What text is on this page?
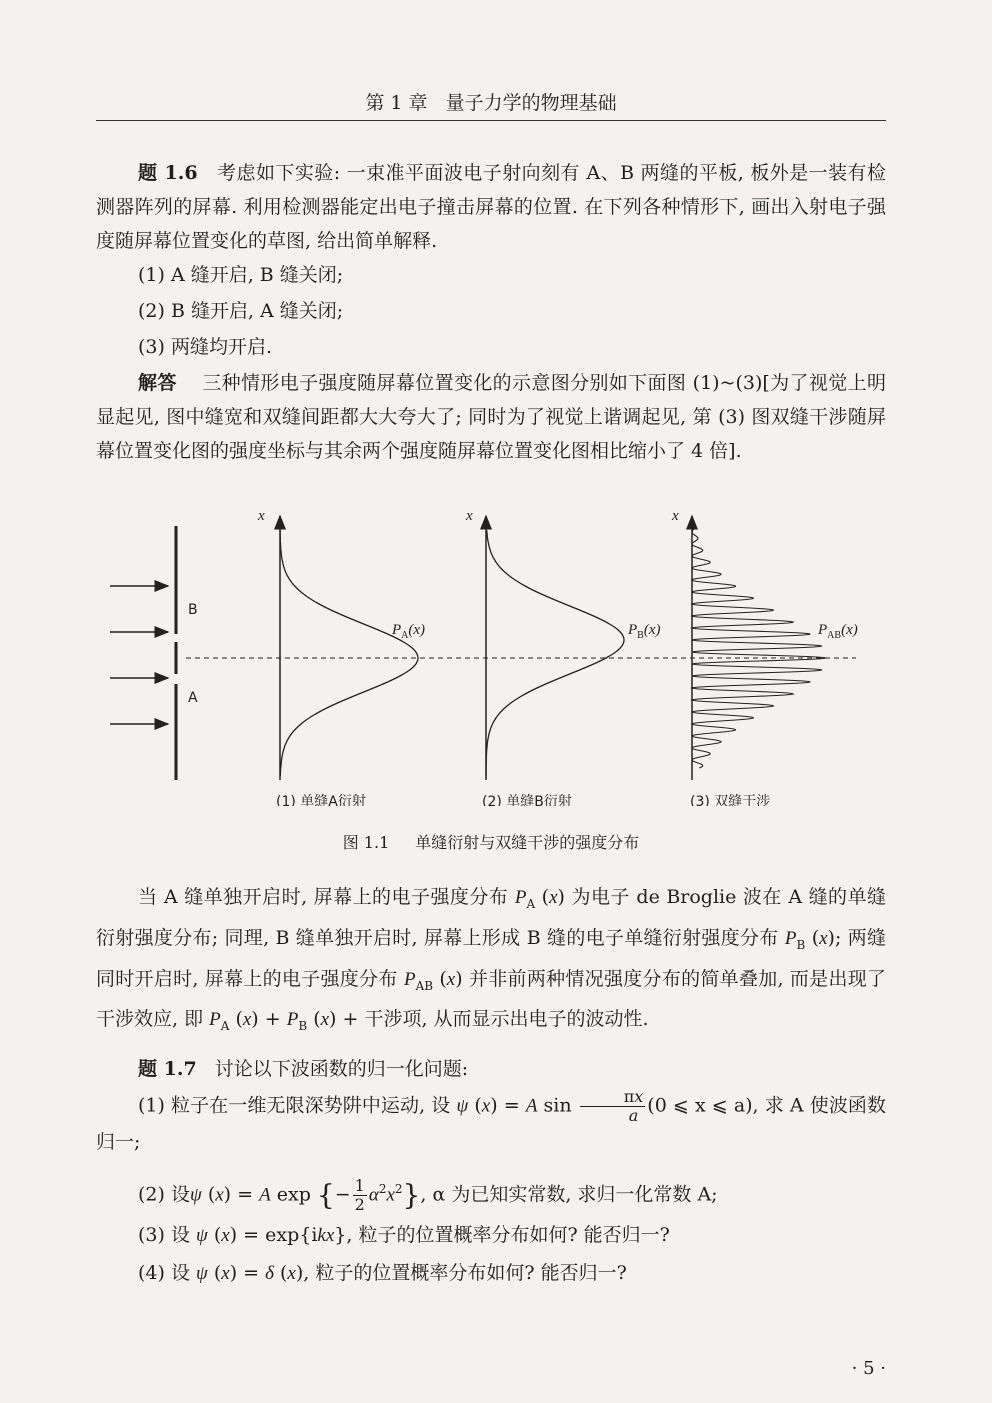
第 1 章 量子力学的物理基础

题 1.6 考虑如下实验: 一束准平面波电子射向刻有 A、B 两缝的平板, 板外是一装有检测器阵列的屏幕. 利用检测器能定出电子撞击屏幕的位置. 在下列各种情形下, 画出入射电子强度随屏幕位置变化的草图, 给出简单解释.

(1) A 缝开启, B 缝关闭;

(2) B 缝开启, A 缝关闭;

(3) 两缝均开启.

解答 三种情形电子强度随屏幕位置变化的示意图分别如下面图 (1)~(3)[为了视觉上明显起见, 图中缝宽和双缝间距都大大夸大了; 同时为了视觉上谐调起见, 第 (3) 图双缝干涉随屏幕位置变化图的强度坐标与其余两个强度随屏幕位置变化图相比缩小了 4 倍].

B
A
x	x	x
$P_A(x)$	$P_B(x)$	$P_{AB}(x)$
(1) 单缝A衍射	(2) 单缝B衍射	(3) 双缝干涉
图 1.1 单缝衍射与双缝干涉的强度分布

当 A 缝单独开启时, 屏幕上的电子强度分布 $P_A$ (x) 为电子 de Broglie 波在 A 缝的单缝衍射强度分布; 同理, B 缝单独开启时, 屏幕上形成 B 缝的电子单缝衍射强度分布 $P_B$ (x); 两缝同时开启时, 屏幕上的电子强度分布 $P_{AB}$ (x) 并非前两种情况强度分布的简单叠加, 而是出现了干涉效应, 即 $P_A$ $(x) + P_B$ (x) + 干涉项, 从而显示出电子的波动性.

题 1.7 讨论以下波函数的归一化问题:

(1) 粒子在一维无限深势阱中运动, 设 ψ (x) = A $\sin \frac{\pi x}{a} (0$ ⩽ x ⩽ a), 求 A 使波函数归一;

(2) 设ψ (x) = A exp {− $\frac{1}{2} \alpha^2x^2$}, α 为已知实常数, 求归一化常数 A;

(3) 设 ψ (x) = exp{ikx}, 粒子的位置概率分布如何? 能否归一?

(4) 设 ψ (x) = δ (x), 粒子的位置概率分布如何? 能否归一?

· 5 ·
